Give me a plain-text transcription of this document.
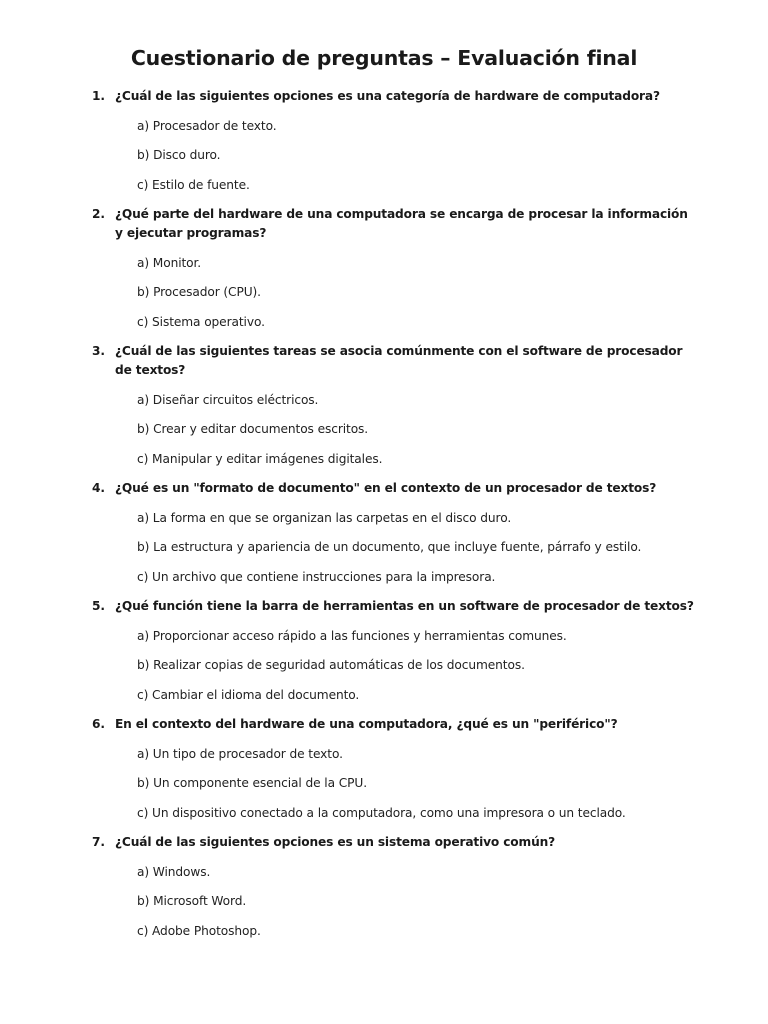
Cuestionario de preguntas – Evaluación final
1. ¿Cuál de las siguientes opciones es una categoría de hardware de computadora?
a) Procesador de texto.
b) Disco duro.
c) Estilo de fuente.
2. ¿Qué parte del hardware de una computadora se encarga de procesar la información y ejecutar programas?
a) Monitor.
b) Procesador (CPU).
c) Sistema operativo.
3. ¿Cuál de las siguientes tareas se asocia comúnmente con el software de procesador de textos?
a) Diseñar circuitos eléctricos.
b) Crear y editar documentos escritos.
c) Manipular y editar imágenes digitales.
4. ¿Qué es un "formato de documento" en el contexto de un procesador de textos?
a) La forma en que se organizan las carpetas en el disco duro.
b) La estructura y apariencia de un documento, que incluye fuente, párrafo y estilo.
c) Un archivo que contiene instrucciones para la impresora.
5. ¿Qué función tiene la barra de herramientas en un software de procesador de textos?
a) Proporcionar acceso rápido a las funciones y herramientas comunes.
b) Realizar copias de seguridad automáticas de los documentos.
c) Cambiar el idioma del documento.
6. En el contexto del hardware de una computadora, ¿qué es un "periférico"?
a) Un tipo de procesador de texto.
b) Un componente esencial de la CPU.
c) Un dispositivo conectado a la computadora, como una impresora o un teclado.
7. ¿Cuál de las siguientes opciones es un sistema operativo común?
a) Windows.
b) Microsoft Word.
c) Adobe Photoshop.
